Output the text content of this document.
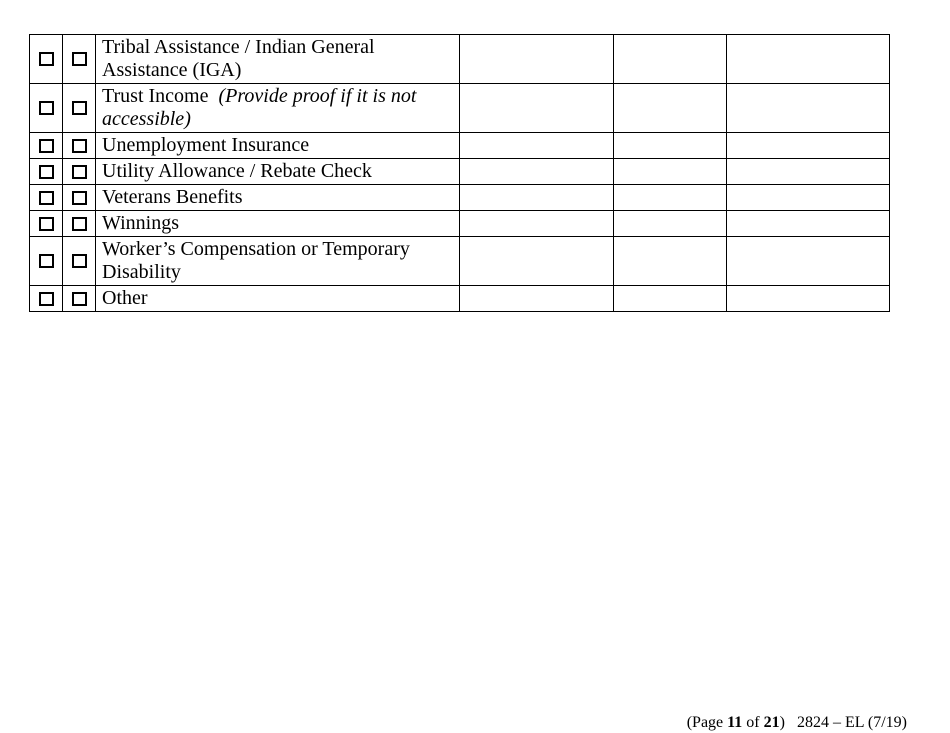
		Tribal Assistance / Indian General Assistance (IGA)			
		Trust Income  (Provide proof if it is not accessible)			
		Unemployment Insurance			
		Utility Allowance / Rebate Check			
		Veterans Benefits			
		Winnings			
		Worker’s Compensation or Temporary Disability			
		Other			
(Page 11 of 21) 2824 – EL (7/19)
